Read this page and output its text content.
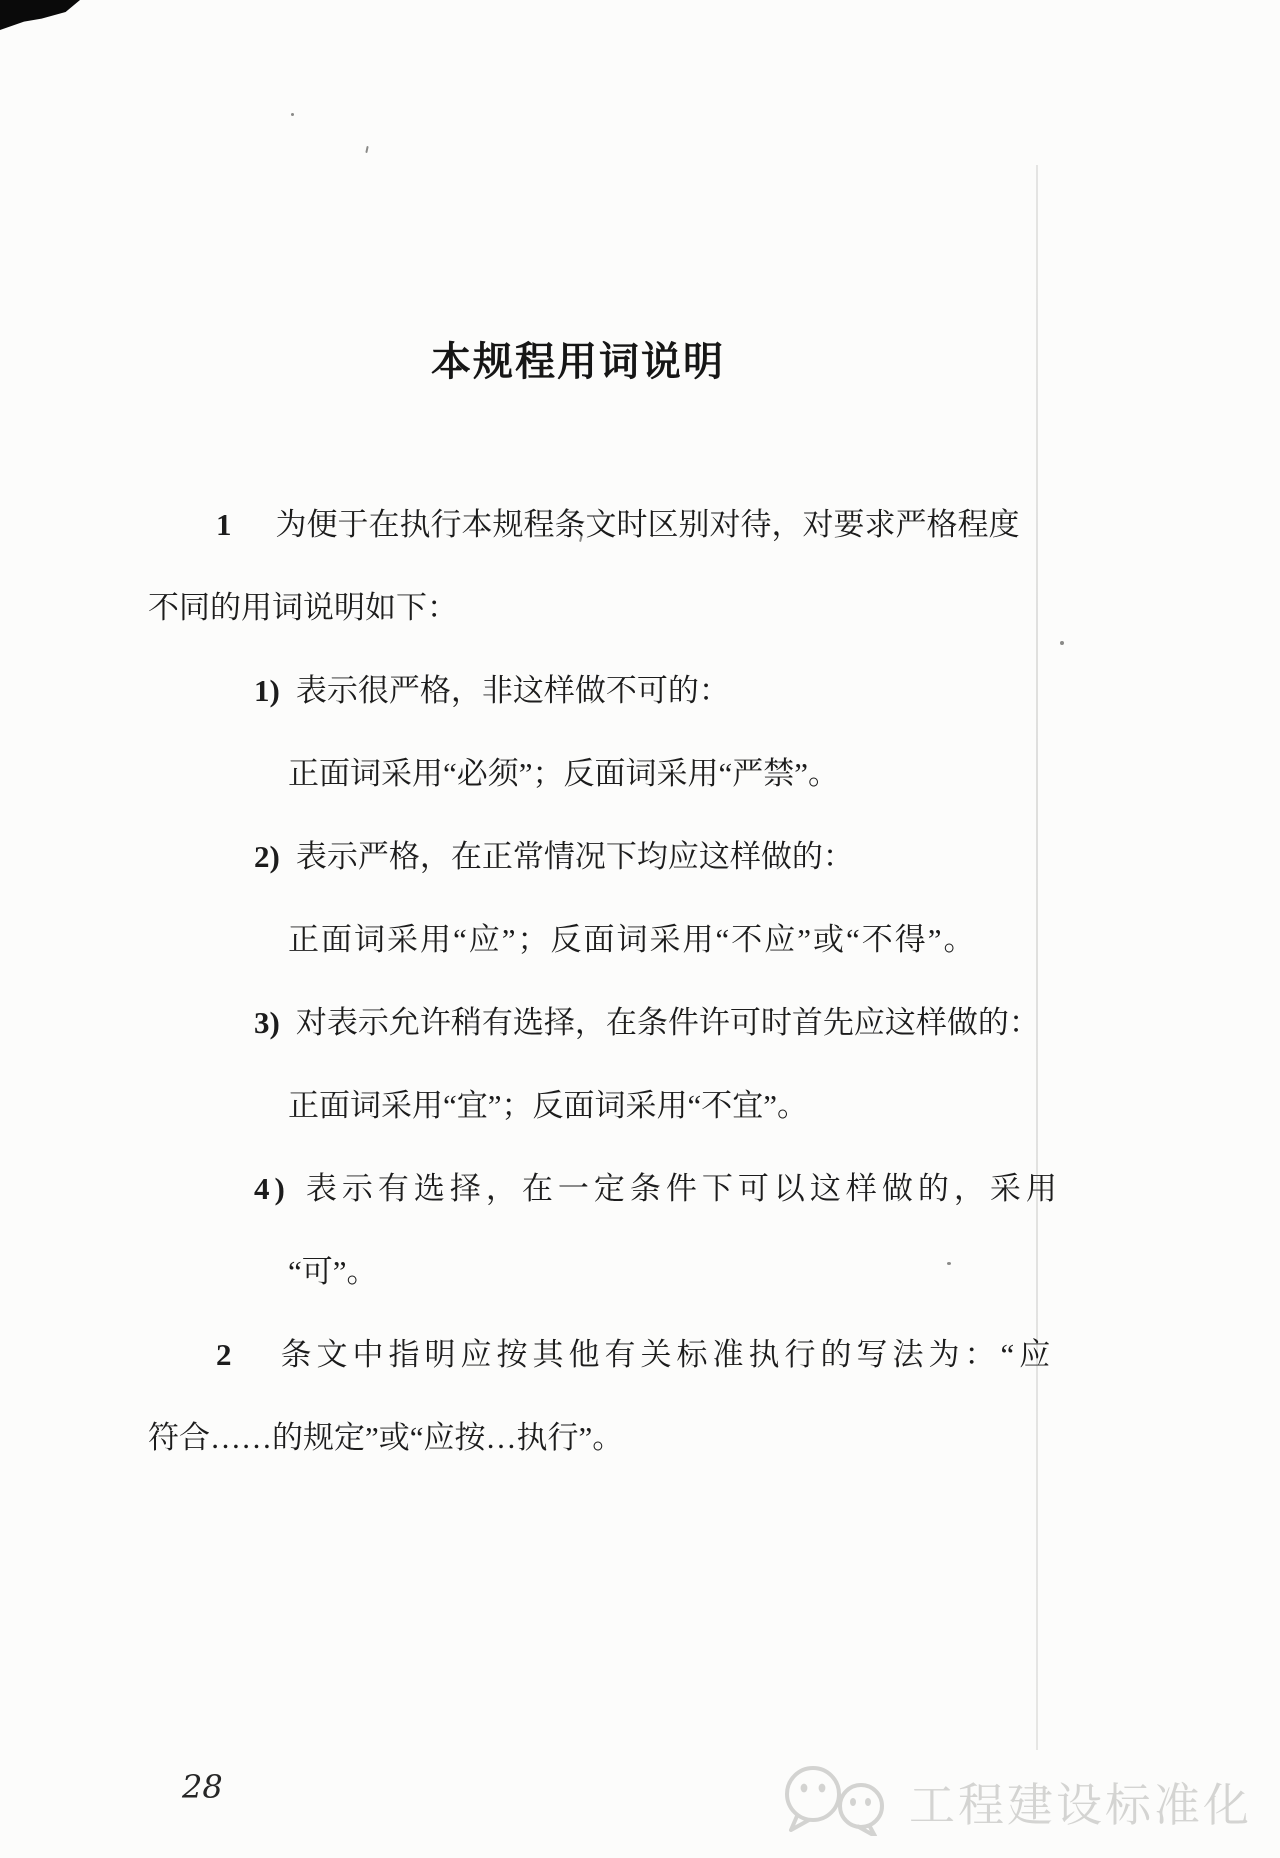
本规程用词说明

1 为便于在执行本规程条文时区别对待，对要求严格程度

不同的用词说明如下：

1) 表示很严格，非这样做不可的：

正面词采用“必须”；反面词采用“严禁”。

2) 表示严格，在正常情况下均应这样做的：

正面词采用“应”；反面词采用“不应”或“不得”。

3) 对表示允许稍有选择，在条件许可时首先应这样做的：

正面词采用“宜”；反面词采用“不宜”。

4) 表示有选择，在一定条件下可以这样做的，采用

“可”。

2 条文中指明应按其他有关标准执行的写法为：“应

符合……的规定”或“应按…执行”。

28	工程建设标准化
